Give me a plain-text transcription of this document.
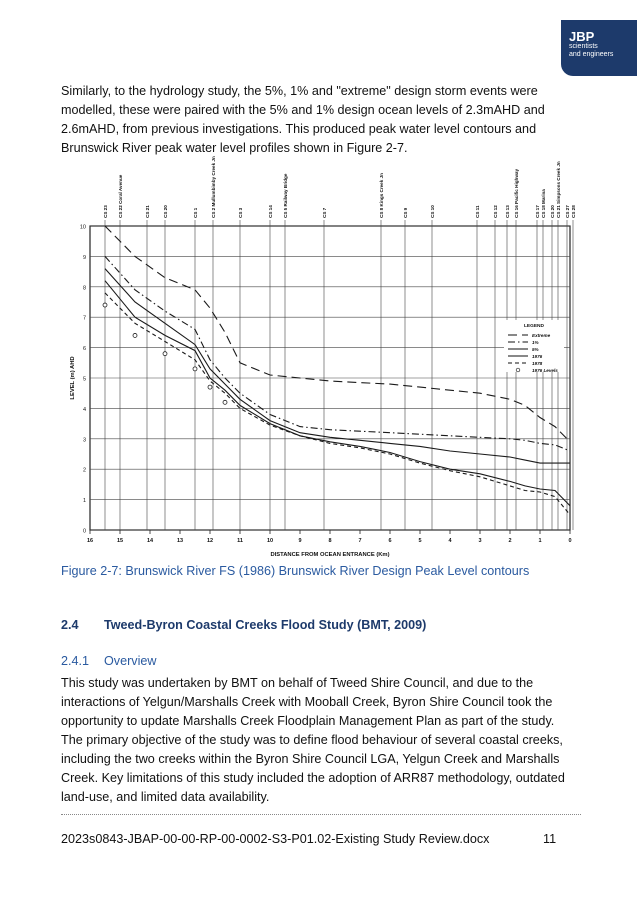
JBP
scientists
and engineers

Similarly, to the hydrology study, the 5%, 1% and "extreme" design storm events were modelled, these were paired with the 5% and 1% design ocean levels of 2.3mAHD and 2.6mAHD, from previous investigations. This produced peak water level contours and Brunswick River peak water level profiles shown in Figure 2-7.

0
1
2
3
4
5
6
7
8
9
10
16	15	14	13	12	11	10	9	8	7	6	5	4	3	2	1	0
CS 23 CS 22 Coral Avenue	CS 21	CS 20	CS 1	CS 2 Mullumbimby Creek Jn	CS 3	CS 14 CS 5 Railway Bridge	CS 7	CS 8 Kings Creek Jn	CS 9	CS 10	CS 11	CS 12 CS 13 CS 16 Pacific Highway	CS 17 CS 18 Marina CS 20 CS 21 Simpsons Creek Jn CS 27 CS 28
DISTANCE FROM OCEAN ENTRANCE (Km)
LEVEL (m) AHD
LEGEND
Extreme
1%
5%
1976
1978
1976 Levels
Figure 2-7: Brunswick River FS (1986) Brunswick River Design Peak Level contours
2.4 Tweed-Byron Coastal Creeks Flood Study (BMT, 2009)
2.4.1 Overview

This study was undertaken by BMT on behalf of Tweed Shire Council, and due to the interactions of Yelgun/Marshalls Creek with Mooball Creek, Byron Shire Council took the opportunity to update Marshalls Creek Floodplain Management Plan as part of the study.

The primary objective of the study was to define flood behaviour of several coastal creeks, including the two creeks within the Byron Shire Council LGA, Yelgun Creek and Marshalls Creek. Key limitations of this study included the adoption of ARR87 methodology, outdated land-use, and limited data availability.

2023s0843-JBAP-00-00-RP-00-0002-S3-P01.02-Existing Study Review.docx	11
